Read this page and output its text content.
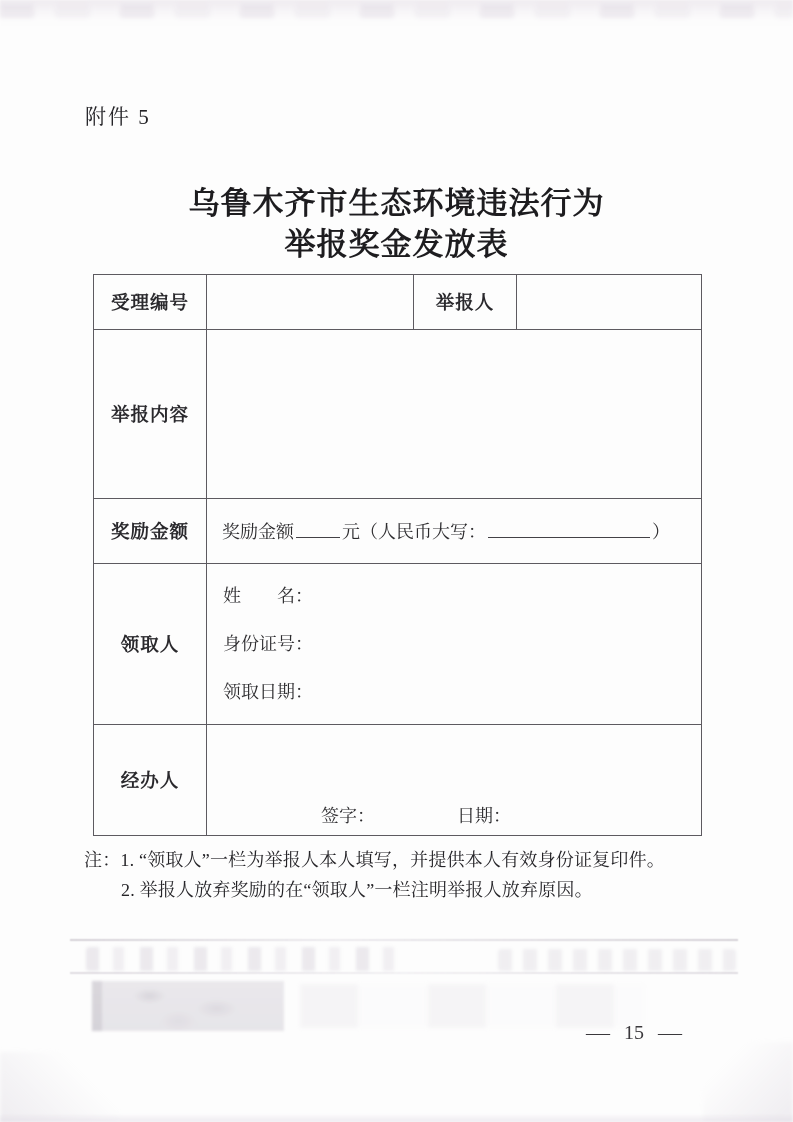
附件 5
乌鲁木齐市生态环境违法行为
举报奖金发放表
受理编号		举报人	
举报内容			
奖励金额	奖励金额 元（人民币大写： ）		
领取人	姓　　名：
身份证号：
领取日期：		

经办人	签字： 日期：		
注：1. “领取人”一栏为举报人本人填写，并提供本人有效身份证复印件。
2. 举报人放弃奖励的在“领取人”一栏注明举报人放弃原因。
— 15 —
